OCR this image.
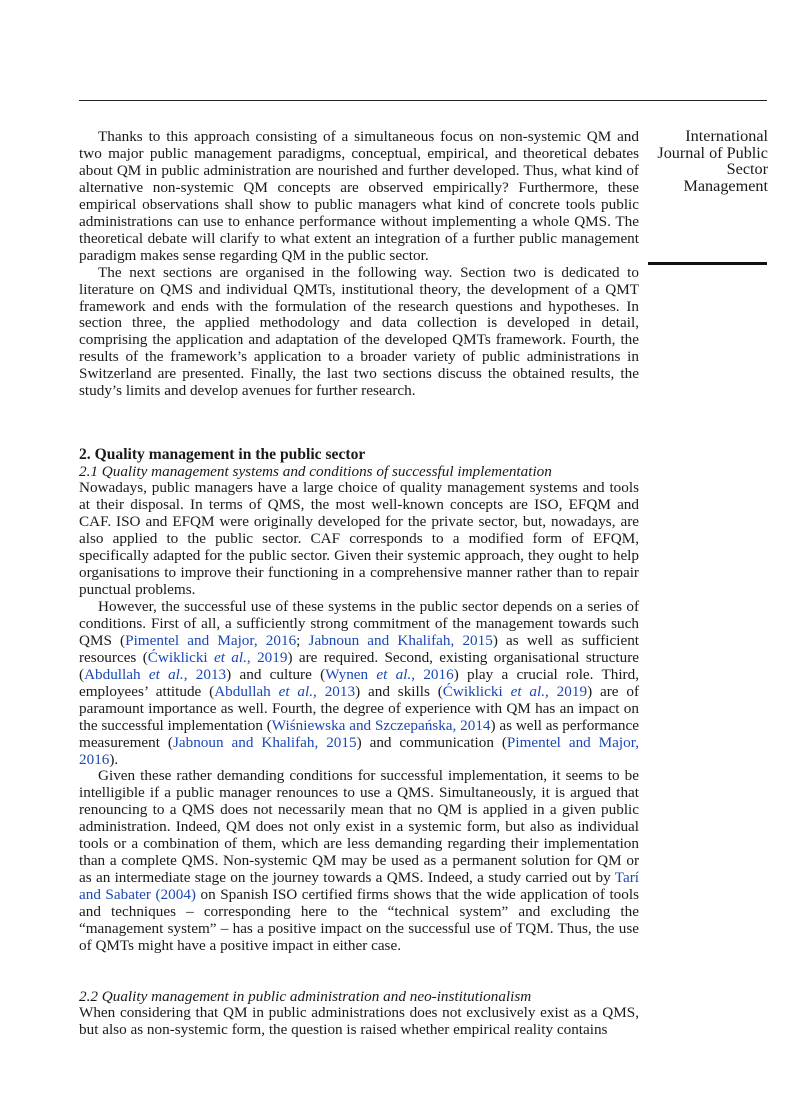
International
Journal of Public
Sector
Management

Thanks to this approach consisting of a simultaneous focus on non-systemic QM and two major public management paradigms, conceptual, empirical, and theoretical debates about QM in public administration are nourished and further developed. Thus, what kind of alternative non-systemic QM concepts are observed empirically? Furthermore, these empirical observations shall show to public managers what kind of concrete tools public administrations can use to enhance performance without implementing a whole QMS. The theoretical debate will clarify to what extent an integration of a further public management paradigm makes sense regarding QM in the public sector.

The next sections are organised in the following way. Section two is dedicated to literature on QMS and individual QMTs, institutional theory, the development of a QMT framework and ends with the formulation of the research questions and hypotheses. In section three, the applied methodology and data collection is developed in detail, comprising the application and adaptation of the developed QMTs framework. Fourth, the results of the framework’s application to a broader variety of public administrations in Switzerland are presented. Finally, the last two sections discuss the obtained results, the study’s limits and develop avenues for further research.

2. Quality management in the public sector
2.1 Quality management systems and conditions of successful implementation

Nowadays, public managers have a large choice of quality management systems and tools at their disposal. In terms of QMS, the most well-known concepts are ISO, EFQM and CAF. ISO and EFQM were originally developed for the private sector, but, nowadays, are also applied to the public sector. CAF corresponds to a modified form of EFQM, specifically adapted for the public sector. Given their systemic approach, they ought to help organisations to improve their functioning in a comprehensive manner rather than to repair punctual problems.

However, the successful use of these systems in the public sector depends on a series of conditions. First of all, a sufficiently strong commitment of the management towards such QMS (Pimentel and Major, 2016; Jabnoun and Khalifah, 2015) as well as sufficient resources (Ćwiklicki et al., 2019) are required. Second, existing organisational structure (Abdullah et al., 2013) and culture (Wynen et al., 2016) play a crucial role. Third, employees’ attitude (Abdullah et al., 2013) and skills (Ćwiklicki et al., 2019) are of paramount importance as well. Fourth, the degree of experience with QM has an impact on the successful implementation (Wiśniewska and Szczepańska, 2014) as well as performance measurement (Jabnoun and Khalifah, 2015) and communication (Pimentel and Major, 2016).

Given these rather demanding conditions for successful implementation, it seems to be intelligible if a public manager renounces to use a QMS. Simultaneously, it is argued that renouncing to a QMS does not necessarily mean that no QM is applied in a given public administration. Indeed, QM does not only exist in a systemic form, but also as individual tools or a combination of them, which are less demanding regarding their implementation than a complete QMS. Non-systemic QM may be used as a permanent solution for QM or as an intermediate stage on the journey towards a QMS. Indeed, a study carried out by Tarí and Sabater (2004) on Spanish ISO certified firms shows that the wide application of tools and techniques – corresponding here to the “technical system” and excluding the “management system” – has a positive impact on the successful use of TQM. Thus, the use of QMTs might have a positive impact in either case.

2.2 Quality management in public administration and neo-institutionalism

When considering that QM in public administrations does not exclusively exist as a QMS, but also as non-systemic form, the question is raised whether empirical reality contains
